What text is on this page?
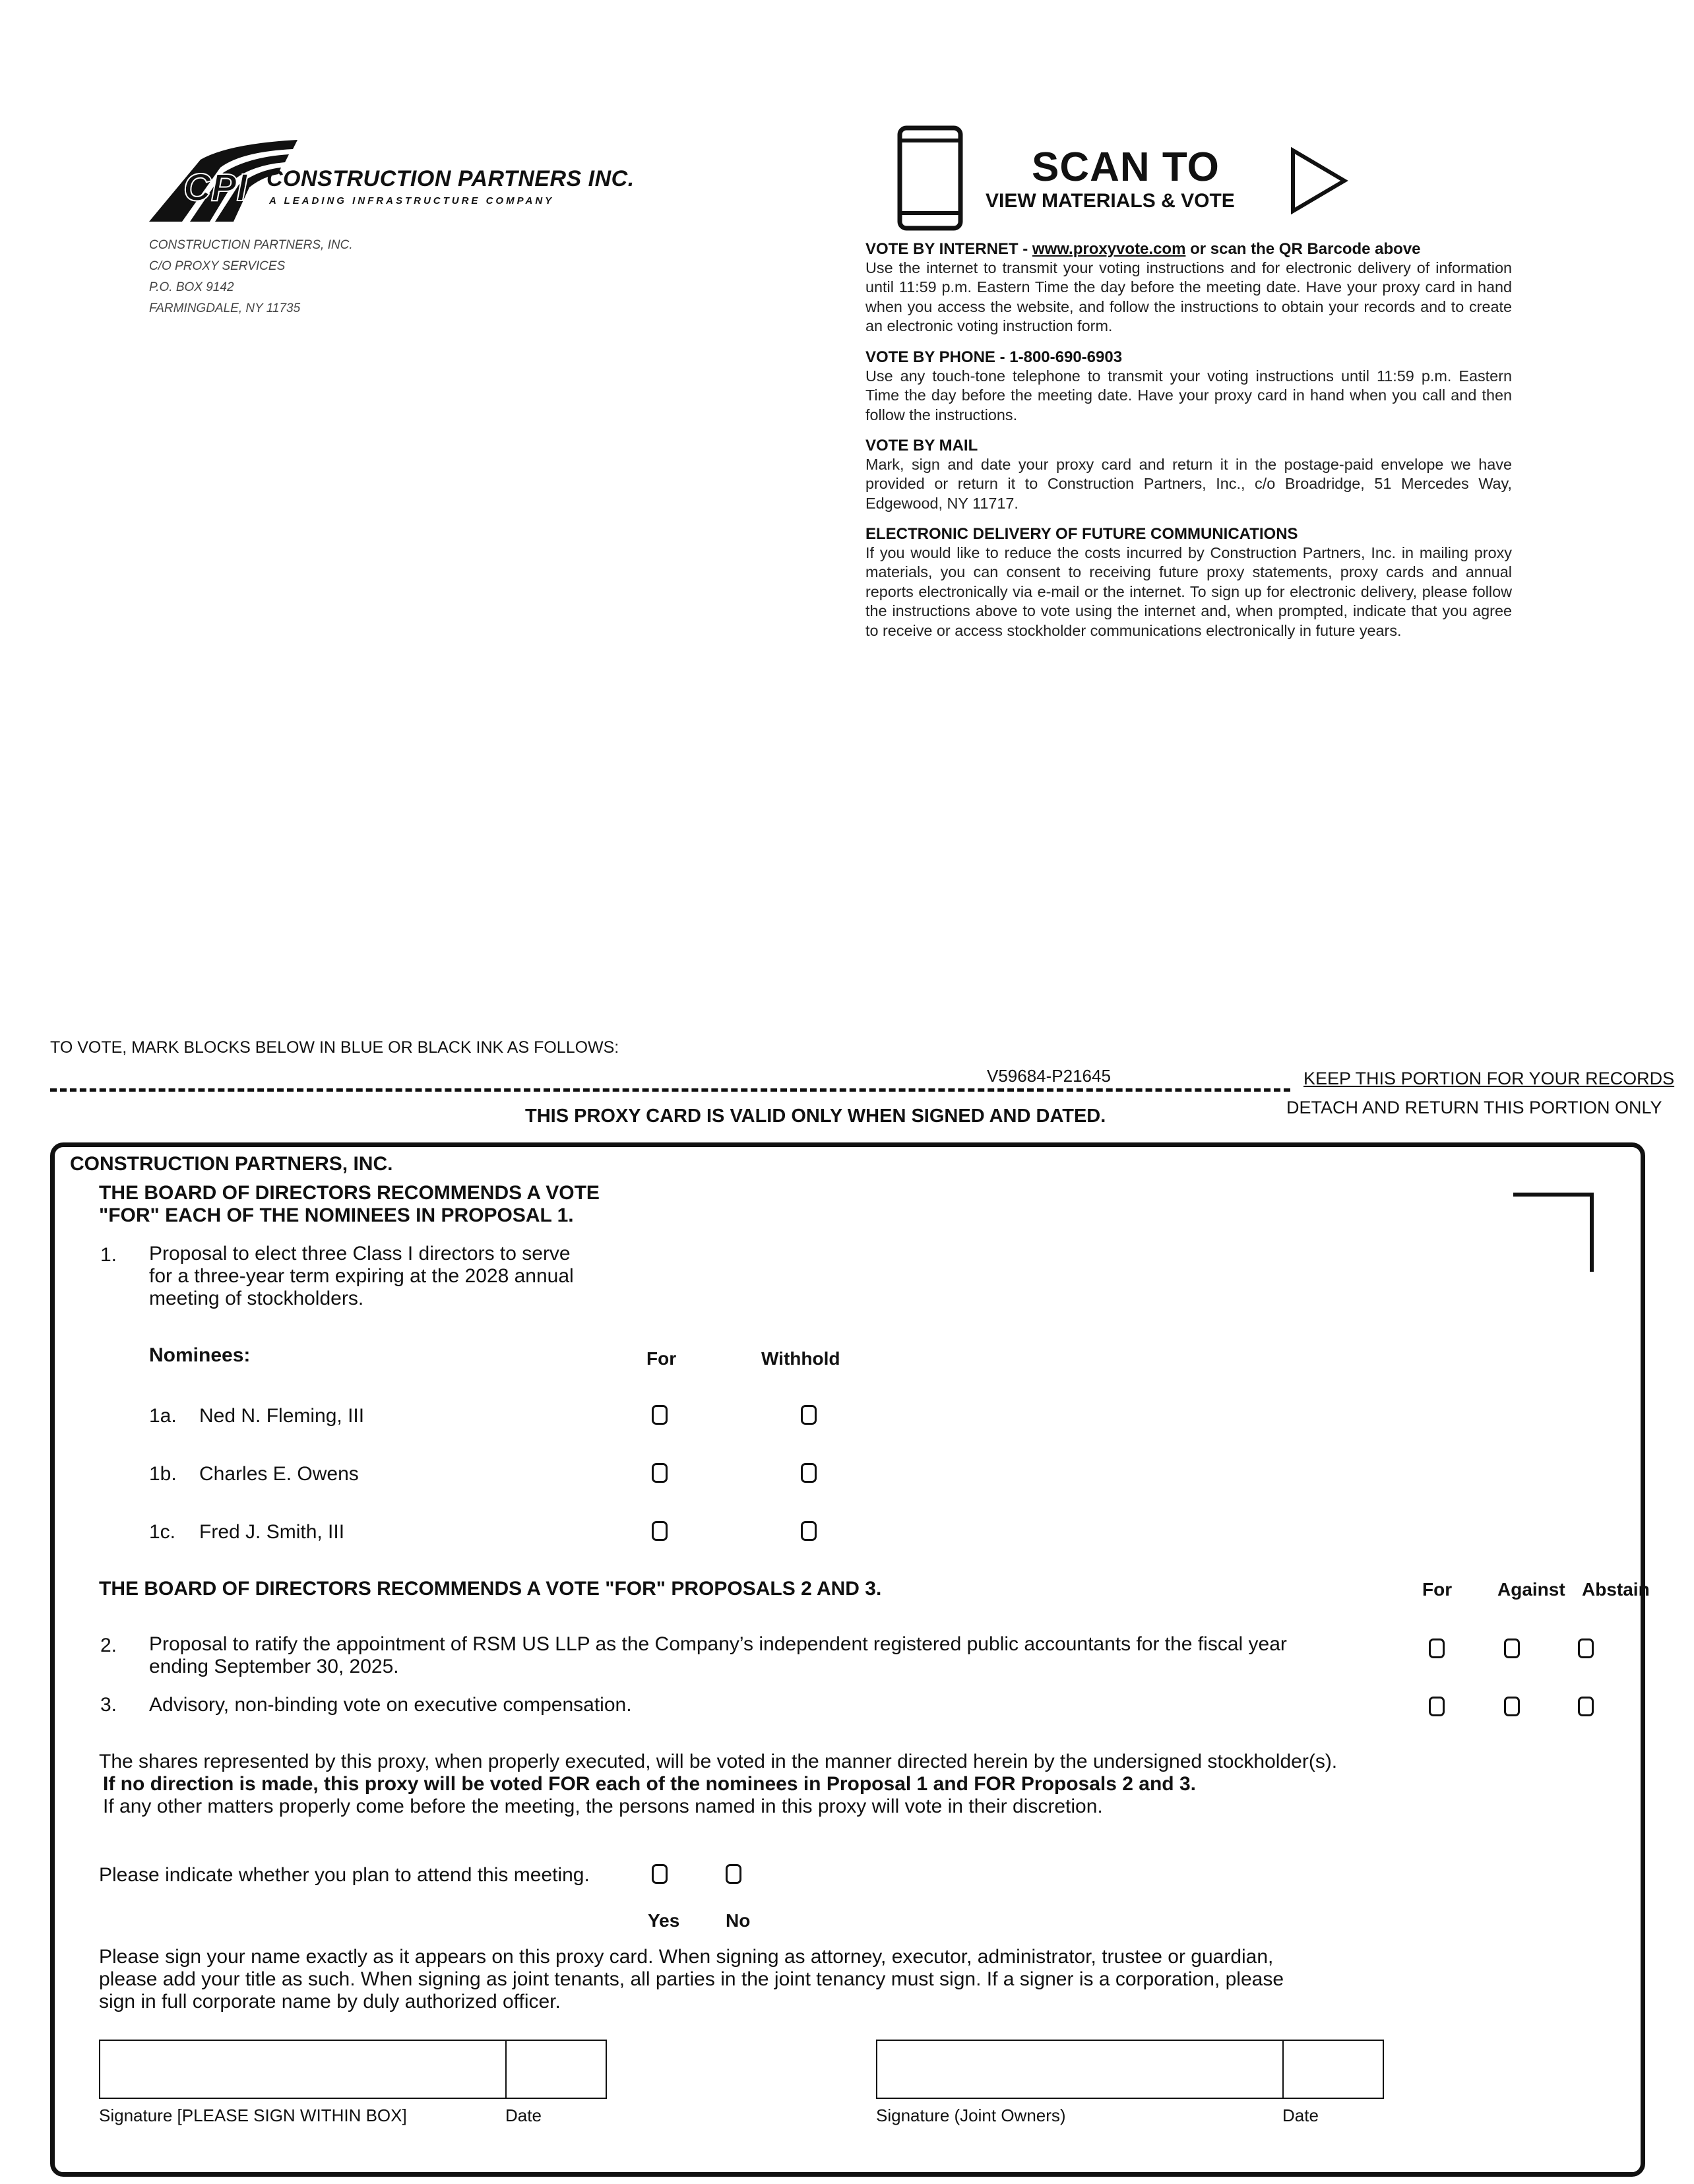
CPI CONSTRUCTION PARTNERS INC.
A LEADING INFRASTRUCTURE COMPANY
CONSTRUCTION PARTNERS, INC.
C/O PROXY SERVICES
P.O. BOX 9142
FARMINGDALE, NY 11735
SCAN TO
VIEW MATERIALS & VOTE
VOTE BY INTERNET - www.proxyvote.com or scan the QR Barcode above

Use the internet to transmit your voting instructions and for electronic delivery of information until 11:59 p.m. Eastern Time the day before the meeting date. Have your proxy card in hand when you access the website, and follow the instructions to obtain your records and to create an electronic voting instruction form.

VOTE BY PHONE - 1-800-690-6903

Use any touch-tone telephone to transmit your voting instructions until 11:59 p.m. Eastern Time the day before the meeting date. Have your proxy card in hand when you call and then follow the instructions.

VOTE BY MAIL

Mark, sign and date your proxy card and return it in the postage-paid envelope we have provided or return it to Construction Partners, Inc., c/o Broadridge, 51 Mercedes Way, Edgewood, NY 11717.

ELECTRONIC DELIVERY OF FUTURE COMMUNICATIONS

If you would like to reduce the costs incurred by Construction Partners, Inc. in mailing proxy materials, you can consent to receiving future proxy statements, proxy cards and annual reports electronically via e-mail or the internet. To sign up for electronic delivery, please follow the instructions above to vote using the internet and, when prompted, indicate that you agree to receive or access stockholder communications electronically in future years.

TO VOTE, MARK BLOCKS BELOW IN BLUE OR BLACK INK AS FOLLOWS:
V59684-P21645	KEEP THIS PORTION FOR YOUR RECORDS
DETACH AND RETURN THIS PORTION ONLY
THIS PROXY CARD IS VALID ONLY WHEN SIGNED AND DATED.
CONSTRUCTION PARTNERS, INC.
THE BOARD OF DIRECTORS RECOMMENDS A VOTE
"FOR" EACH OF THE NOMINEES IN PROPOSAL 1.
1. Proposal to elect three Class I directors to serve
for a three-year term expiring at the 2028 annual
meeting of stockholders.
Nominees:	For	Withhold
1a. Ned N. Fleming, III
1b. Charles E. Owens
1c. Fred J. Smith, III
THE BOARD OF DIRECTORS RECOMMENDS A VOTE "FOR" PROPOSALS 2 AND 3.	For Against Abstain
2. Proposal to ratify the appointment of RSM US LLP as the Company’s independent registered public accountants for the fiscal year
ending September 30, 2025.
3. Advisory, non-binding vote on executive compensation.
The shares represented by this proxy, when properly executed, will be voted in the manner directed herein by the undersigned stockholder(s).
If no direction is made, this proxy will be voted FOR each of the nominees in Proposal 1 and FOR Proposals 2 and 3.
If any other matters properly come before the meeting, the persons named in this proxy will vote in their discretion.
Please indicate whether you plan to attend this meeting.
Yes No
Please sign your name exactly as it appears on this proxy card. When signing as attorney, executor, administrator, trustee or guardian,
please add your title as such. When signing as joint tenants, all parties in the joint tenancy must sign. If a signer is a corporation, please
sign in full corporate name by duly authorized officer.
Signature [PLEASE SIGN WITHIN BOX]	Date	Signature (Joint Owners)	Date
